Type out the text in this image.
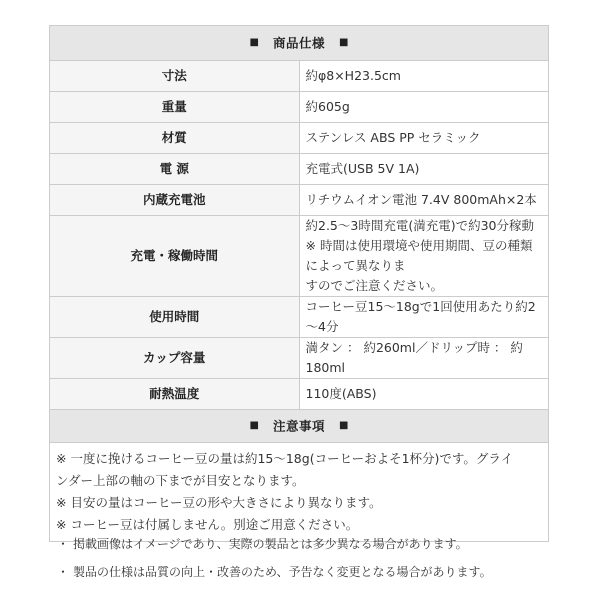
■ 商品仕様 ■	
寸法	約φ8×H23.5cm

重量	約605g

材質	ステンレス ABS PP セラミック

電 源	充電式(USB 5V 1A)

内蔵充電池	リチウムイオン電池 7.4V 800mAh×2本

充電・稼働時間	約2.5～3時間充電(満充電)で約30分稼動
※ 時間は使用環境や使用期間、豆の種類によって異なりま
すのでご注意ください。

使用時間	コーヒー豆15～18gで1回使用あたり約2～4分

カップ容量	満タン ： 約260ml／ドリップ時 ： 約180ml

耐熱温度	110度(ABS)

■ 注意事項 ■	

※ 一度に挽けるコーヒー豆の量は約15～18g(コーヒーおよそ1杯分)です。グライ
ンダー上部の軸の下までが目安となります。
※ 目安の量はコーヒー豆の形や大きさにより異なります。
※ コーヒー豆は付属しません。別途ご用意ください。	
・ 掲載画像はイメージであり、実際の製品とは多少異なる場合があります。
・ 製品の仕様は品質の向上・改善のため、予告なく変更となる場合があります。
